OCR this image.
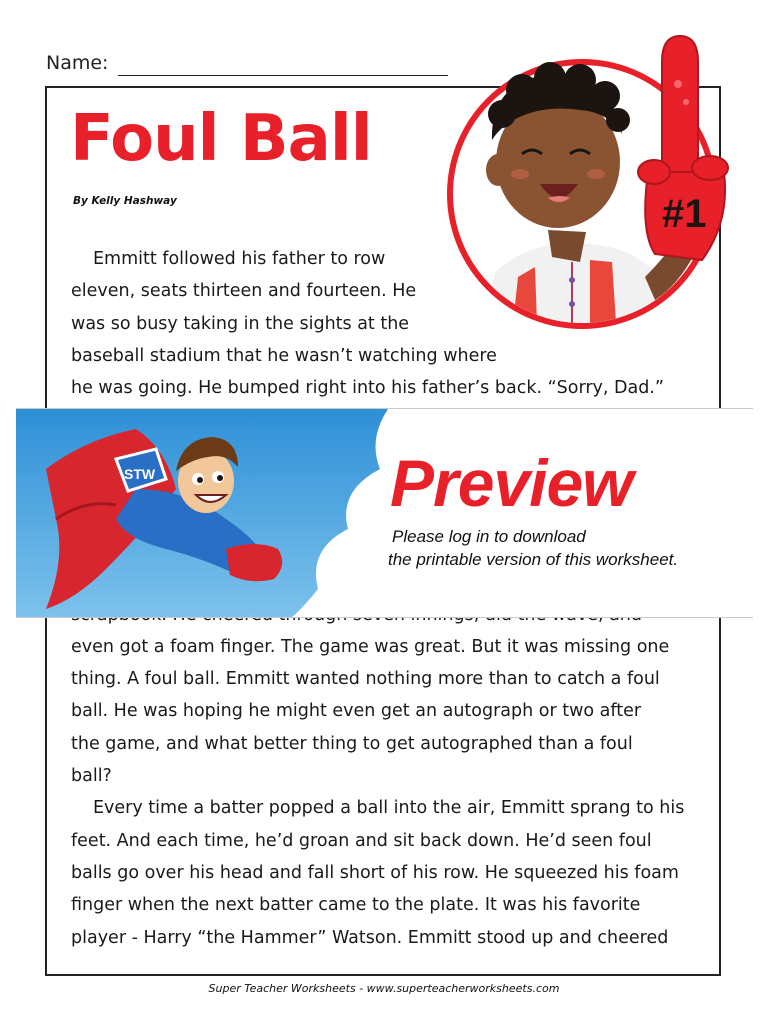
Name:
Foul Ball
By Kelly Hashway

Emmitt followed his father to row

eleven, seats thirteen and fourteen. He

was so busy taking in the sights at the

baseball stadium that he wasn’t watching where

he was going. He bumped right into his father’s back. “Sorry, Dad.”

even got a foam finger. The game was great. But it was missing one

thing. A foul ball. Emmitt wanted nothing more than to catch a foul

ball. He was hoping he might even get an autograph or two after

the game, and what better thing to get autographed than a foul

ball?

Every time a batter popped a ball into the air, Emmitt sprang to his

feet. And each time, he’d groan and sit back down. He’d seen foul

balls go over his head and fall short of his row. He squeezed his foam

finger when the next batter came to the plate. It was his favorite

player - Harry “the Hammer” Watson. Emmitt stood up and cheered

#1
STW	Preview
Please log in to download
the printable version of this worksheet.
Super Teacher Worksheets - www.superteacherworksheets.com
